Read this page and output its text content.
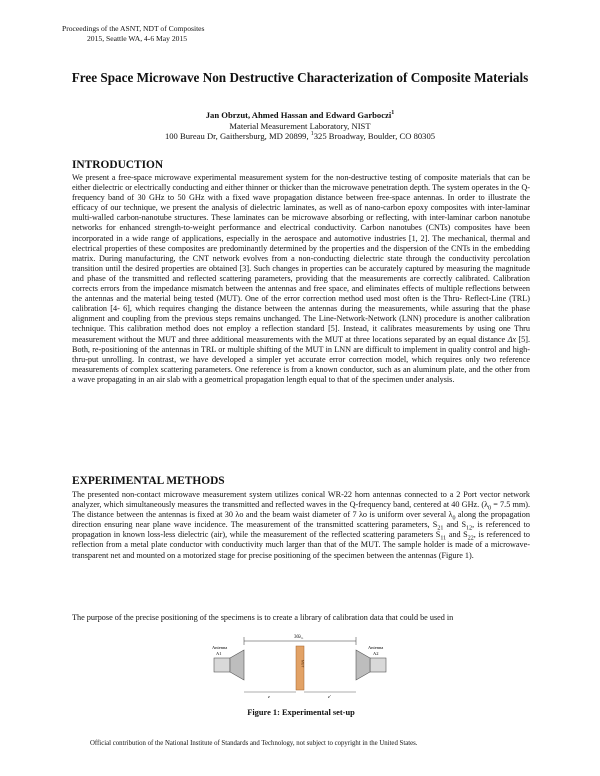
Proceedings of the ASNT, NDT of Composites
2015, Seattle WA, 4-6 May 2015
Free Space Microwave Non Destructive Characterization of Composite Materials
Jan Obrzut, Ahmed Hassan and Edward Garboczi$^1$
Material Measurement Laboratory, NIST
100 Bureau Dr, Gaithersburg, MD 20899, $^1$325 Broadway, Boulder, CO 80305
INTRODUCTION

We present a free-space microwave experimental measurement system for the non-destructive testing of composite materials that can be either dielectric or electrically conducting and either thinner or thicker than the microwave penetration depth. The system operates in the Q- frequency band of 30 GHz to 50 GHz with a fixed wave propagation distance between free-space antennas. In order to illustrate the efficacy of our technique, we present the analysis of dielectric laminates, as well as of nano-carbon epoxy composites with inter-laminar multi-walled carbon-nanotube structures. These laminates can be microwave absorbing or reflecting, with inter-laminar carbon nanotube networks for enhanced strength-to-weight performance and electrical conductivity. Carbon nanotubes (CNTs) composites have been incorporated in a wide range of applications, especially in the aerospace and automotive industries [1, 2]. The mechanical, thermal and electrical properties of these composites are predominantly determined by the properties and the dispersion of the CNTs in the embedding matrix. During manufacturing, the CNT network evolves from a non-conducting dielectric state through the conductivity percolation transition until the desired properties are obtained [3]. Such changes in properties can be accurately captured by measuring the magnitude and phase of the transmitted and reflected scattering parameters, providing that the measurements are correctly calibrated. Calibration corrects errors from the impedance mismatch between the antennas and free space, and eliminates effects of multiple reflections between the antennas and the material being tested (MUT). One of the error correction method used most often is the Thru- Reflect-Line (TRL) calibration [4- 6], which requires changing the distance between the antennas during the measurements, while assuring that the phase alignment and coupling from the previous steps remains unchanged. The Line-Network-Network (LNN) procedure is another calibration technique. This calibration method does not employ a reflection standard [5]. Instead, it calibrates measurements by using one Thru measurement without the MUT and three additional measurements with the MUT at three locations separated by an equal distance Δx [5]. Both, re-positioning of the antennas in TRL or multiple shifting of the MUT in LNN are difficult to implement in quality control and high-thru-put unrolling. In contrast, we have developed a simpler yet accurate error correction model, which requires only two reference measurements of complex scattering parameters. One reference is from a known conductor, such as an aluminum plate, and the other from a wave propagating in an air slab with a geometrical propagation length equal to that of the specimen under analysis.

EXPERIMENTAL METHODS

The presented non-contact microwave measurement system utilizes conical WR-22 horn antennas connected to a 2 Port vector network analyzer, which simultaneously measures the transmitted and reflected waves in the Q-frequency band, centered at 40 GHz. ($\lambda_0 = 7.5$ mm). The distance between the antennas is fixed at 30 λo and the beam waist diameter of 7 λo is uniform over several $\lambda_0$ along the propagation direction ensuring near plane wave incidence. The measurement of the transmitted scattering parameters, $S_{21}$ and $S_{12}$, is referenced to propagation in known loss-less dielectric (air), while the measurement of the reflected scattering parameters $S_{11}$ and $S_{22}$, is referenced to reflection from a metal plate conductor with conductivity much larger than that of the MUT. The sample holder is made of a microwave-transparent net and mounted on a motorized stage for precise positioning of the specimen between the antennas (Figure 1).

The purpose of the precise positioning of the specimens is to create a library of calibration data that could be used in

$30\lambda_o$
MUT
Antenna
A1
Antenna
A2
z	z'
Figure 1: Experimental set-up
Official contribution of the National Institute of Standards and Technology, not subject to copyright in the United States.
